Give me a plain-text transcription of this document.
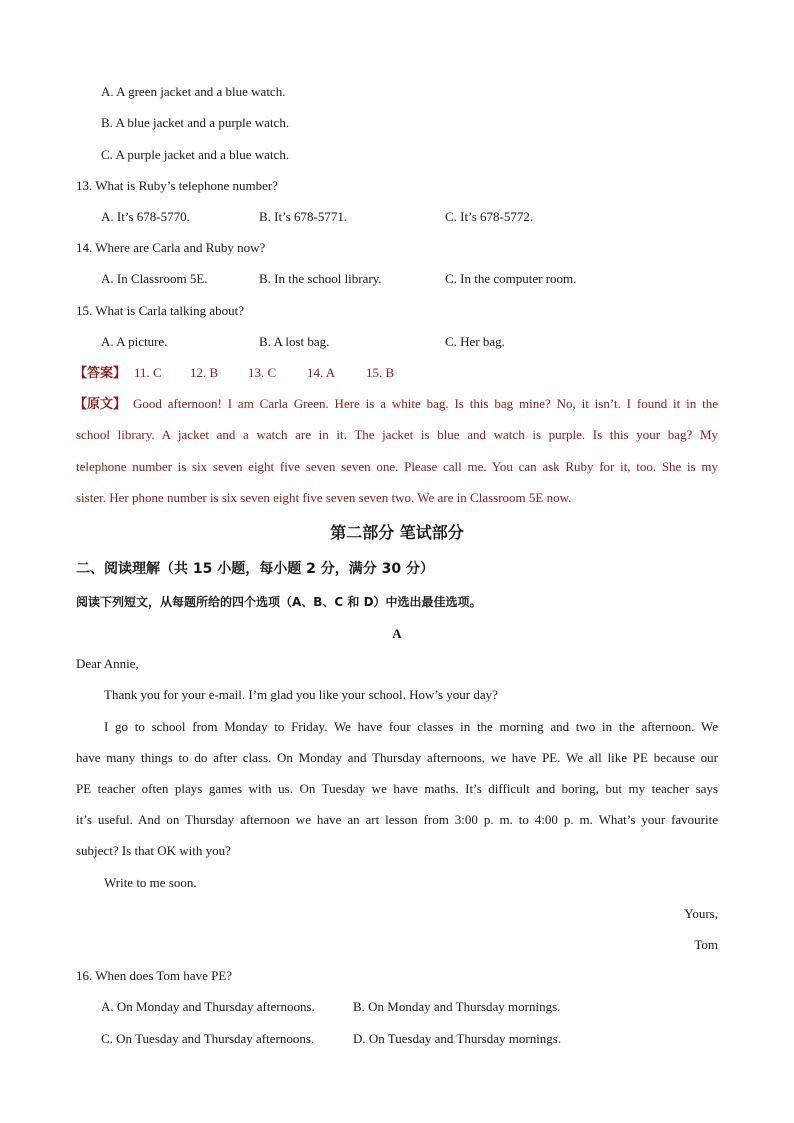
A. A green jacket and a blue watch.
B. A blue jacket and a purple watch.
C. A purple jacket and a blue watch.
13. What is Ruby’s telephone number?
A. It’s 678-5770.	B. It’s 678-5771.	C. It’s 678-5772.
14. Where are Carla and Ruby now?
A. In Classroom 5E.	B. In the school library.	C. In the computer room.
15. What is Carla talking about?
A. A picture.	B. A lost bag.	C. Her bag.
【答案】 11. C 12. B 13. C 14. A 15. B
【原文】 Good afternoon! I am Carla Green. Here is a white bag. Is this bag mine? No, it isn’t. I found it in the
school library. A jacket and a watch are in it. The jacket is blue and watch is purple. Is this your bag? My
telephone number is six seven eight five seven seven one. Please call me. You can ask Ruby for it, too. She is my
sister. Her phone number is six seven eight five seven seven two. We are in Classroom 5E now.
第二部分 笔试部分
二、阅读理解（共 15 小题，每小题 2 分，满分 30 分）
阅读下列短文，从每题所给的四个选项（A、B、C 和 D）中选出最佳选项。
A
Dear Annie,
Thank you for your e-mail. I’m glad you like your school. How’s your day?
I go to school from Monday to Friday. We have four classes in the morning and two in the afternoon. We
have many things to do after class. On Monday and Thursday afternoons, we have PE. We all like PE because our
PE teacher often plays games with us. On Tuesday we have maths. It’s difficult and boring, but my teacher says
it’s useful. And on Thursday afternoon we have an art lesson from 3:00 p. m. to 4:00 p. m. What’s your favourite
subject? Is that OK with you?
Write to me soon.
Yours,
Tom
16. When does Tom have PE?
A. On Monday and Thursday afternoons.	B. On Monday and Thursday mornings.
C. On Tuesday and Thursday afternoons.	D. On Tuesday and Thursday mornings.
